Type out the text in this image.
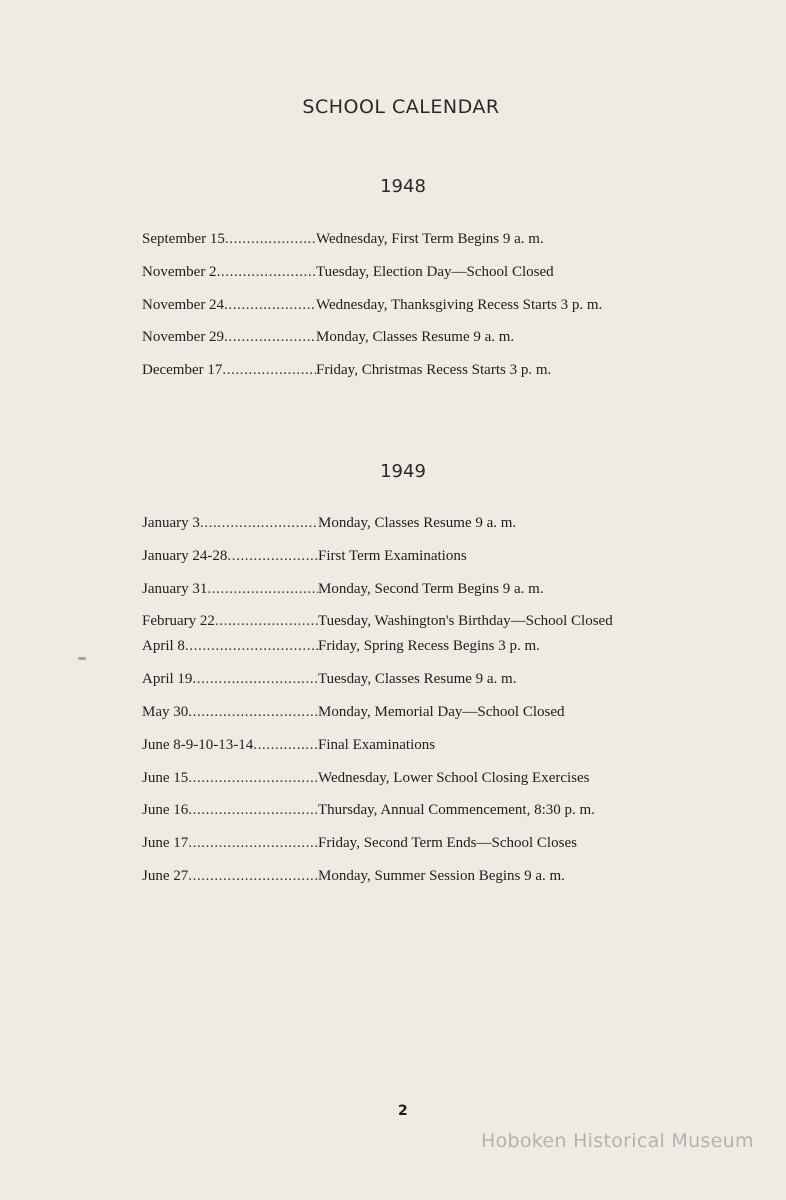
SCHOOL CALENDAR
1948
September 15 .....	Wednesday, First Term Begins 9 a. m.
November 2 .....	Tuesday, Election Day—School Closed
November 24 .....	Wednesday, Thanksgiving Recess Starts 3 p. m.
November 29 .....	Monday, Classes Resume 9 a. m.
December 17 .....	Friday, Christmas Recess Starts 3 p. m.
1949
January 3 .....	Monday, Classes Resume 9 a. m.
January 24-28 .....	First Term Examinations
January 31 .....	Monday, Second Term Begins 9 a. m.
February 22 .....	Tuesday, Washington's Birthday—School Closed
April 8 .....	Friday, Spring Recess Begins 3 p. m.
April 19 .....	Tuesday, Classes Resume 9 a. m.
May 30 .....	Monday, Memorial Day—School Closed
June 8-9-10-13-14 .....	Final Examinations
June 15 .....	Wednesday, Lower School Closing Exercises
June 16 .....	Thursday, Annual Commencement, 8:30 p. m.
June 17 .....	Friday, Second Term Ends—School Closes
June 27 .....	Monday, Summer Session Begins 9 a. m.
2
Hoboken Historical Museum
